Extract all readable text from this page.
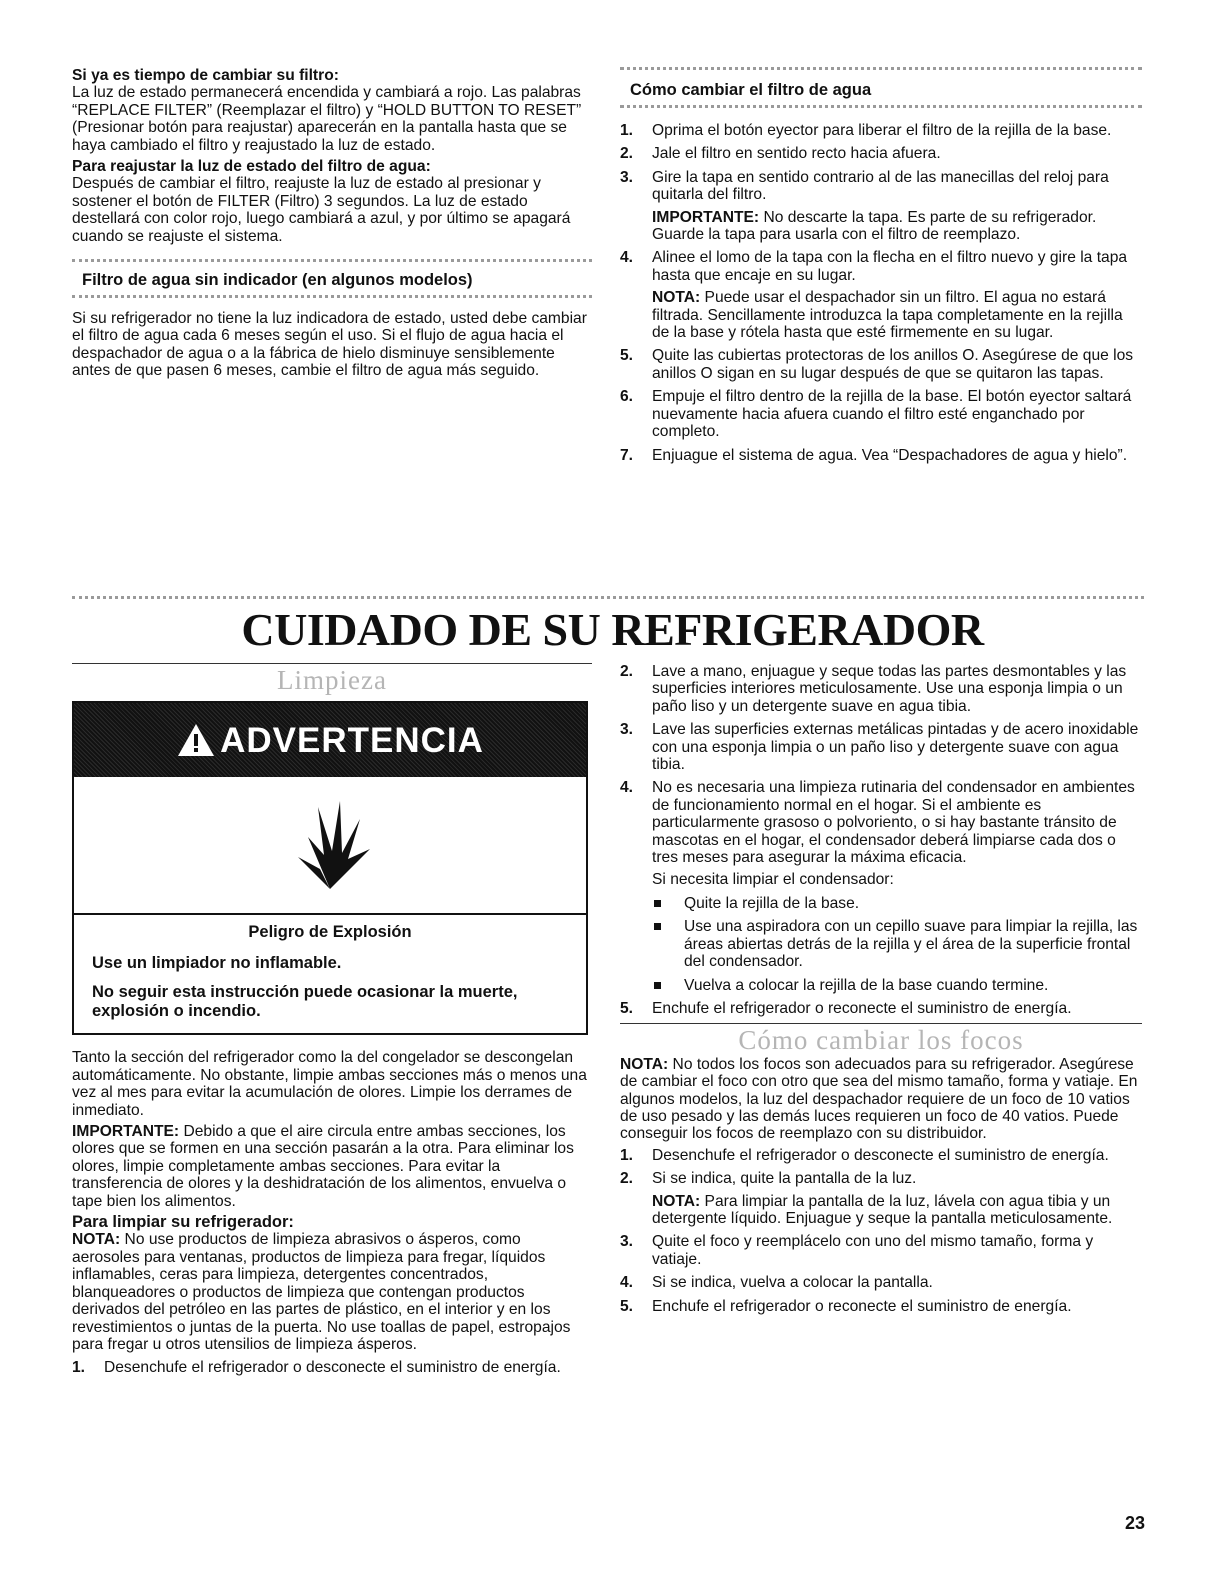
Si ya es tiempo de cambiar su filtro:

La luz de estado permanecerá encendida y cambiará a rojo. Las palabras “REPLACE FILTER” (Reemplazar el filtro) y “HOLD BUTTON TO RESET” (Presionar botón para reajustar) aparecerán en la pantalla hasta que se haya cambiado el filtro y reajustado la luz de estado.

Para reajustar la luz de estado del filtro de agua:

Después de cambiar el filtro, reajuste la luz de estado al presionar y sostener el botón de FILTER (Filtro) 3 segundos. La luz de estado destellará con color rojo, luego cambiará a azul, y por último se apagará cuando se reajuste el sistema.

Filtro de agua sin indicador (en algunos modelos)

Si su refrigerador no tiene la luz indicadora de estado, usted debe cambiar el filtro de agua cada 6 meses según el uso. Si el flujo de agua hacia el despachador de agua o a la fábrica de hielo disminuye sensiblemente antes de que pasen 6 meses, cambie el filtro de agua más seguido.

Cómo cambiar el filtro de agua

1.	Oprima el botón eyector para liberar el filtro de la rejilla de la base.
2.	Jale el filtro en sentido recto hacia afuera.
3.	Gire la tapa en sentido contrario al de las manecillas del reloj para quitarla del filtro.

IMPORTANTE: No descarte la tapa. Es parte de su refrigerador. Guarde la tapa para usarla con el filtro de reemplazo.

4.	Alinee el lomo de la tapa con la flecha en el filtro nuevo y gire la tapa hasta que encaje en su lugar.

NOTA: Puede usar el despachador sin un filtro. El agua no estará filtrada. Sencillamente introduzca la tapa completamente en la rejilla de la base y rótela hasta que esté firmemente en su lugar.

5.	Quite las cubiertas protectoras de los anillos O. Asegúrese de que los anillos O sigan en su lugar después de que se quitaron las tapas.
6.	Empuje el filtro dentro de la rejilla de la base. El botón eyector saltará nuevamente hacia afuera cuando el filtro esté enganchado por completo.
7.	Enjuague el sistema de agua. Vea “Despachadores de agua y hielo”.
CUIDADO DE SU REFRIGERADOR
Limpieza
ADVERTENCIA

Peligro de Explosión

Use un limpiador no inflamable.

No seguir esta instrucción puede ocasionar la muerte, explosión o incendio.

Tanto la sección del refrigerador como la del congelador se descongelan automáticamente. No obstante, limpie ambas secciones más o menos una vez al mes para evitar la acumulación de olores. Limpie los derrames de inmediato.

IMPORTANTE: Debido a que el aire circula entre ambas secciones, los olores que se formen en una sección pasarán a la otra. Para eliminar los olores, limpie completamente ambas secciones. Para evitar la transferencia de olores y la deshidratación de los alimentos, envuelva o tape bien los alimentos.

Para limpiar su refrigerador:

NOTA: No use productos de limpieza abrasivos o ásperos, como aerosoles para ventanas, productos de limpieza para fregar, líquidos inflamables, ceras para limpieza, detergentes concentrados, blanqueadores o productos de limpieza que contengan productos derivados del petróleo en las partes de plástico, en el interior y en los revestimientos o juntas de la puerta. No use toallas de papel, estropajos para fregar u otros utensilios de limpieza ásperos.

1.	Desenchufe el refrigerador o desconecte el suministro de energía.
2.	Lave a mano, enjuague y seque todas las partes desmontables y las superficies interiores meticulosamente. Use una esponja limpia o un paño liso y un detergente suave en agua tibia.
3.	Lave las superficies externas metálicas pintadas y de acero inoxidable con una esponja limpia o un paño liso y detergente suave con agua tibia.
4.	No es necesaria una limpieza rutinaria del condensador en ambientes de funcionamiento normal en el hogar. Si el ambiente es particularmente grasoso o polvoriento, o si hay bastante tránsito de mascotas en el hogar, el condensador deberá limpiarse cada dos o tres meses para asegurar la máxima eficacia.

Si necesita limpiar el condensador:

Quite la rejilla de la base.
Use una aspiradora con un cepillo suave para limpiar la rejilla, las áreas abiertas detrás de la rejilla y el área de la superficie frontal del condensador.
Vuelva a colocar la rejilla de la base cuando termine.
5.	Enchufe el refrigerador o reconecte el suministro de energía.
Cómo cambiar los focos

NOTA: No todos los focos son adecuados para su refrigerador. Asegúrese de cambiar el foco con otro que sea del mismo tamaño, forma y vatiaje. En algunos modelos, la luz del despachador requiere de un foco de 10 vatios de uso pesado y las demás luces requieren un foco de 40 vatios. Puede conseguir los focos de reemplazo con su distribuidor.

1.	Desenchufe el refrigerador o desconecte el suministro de energía.
2.	Si se indica, quite la pantalla de la luz.

NOTA: Para limpiar la pantalla de la luz, lávela con agua tibia y un detergente líquido. Enjuague y seque la pantalla meticulosamente.

3.	Quite el foco y reemplácelo con uno del mismo tamaño, forma y vatiaje.
4.	Si se indica, vuelva a colocar la pantalla.
5.	Enchufe el refrigerador o reconecte el suministro de energía.
23
